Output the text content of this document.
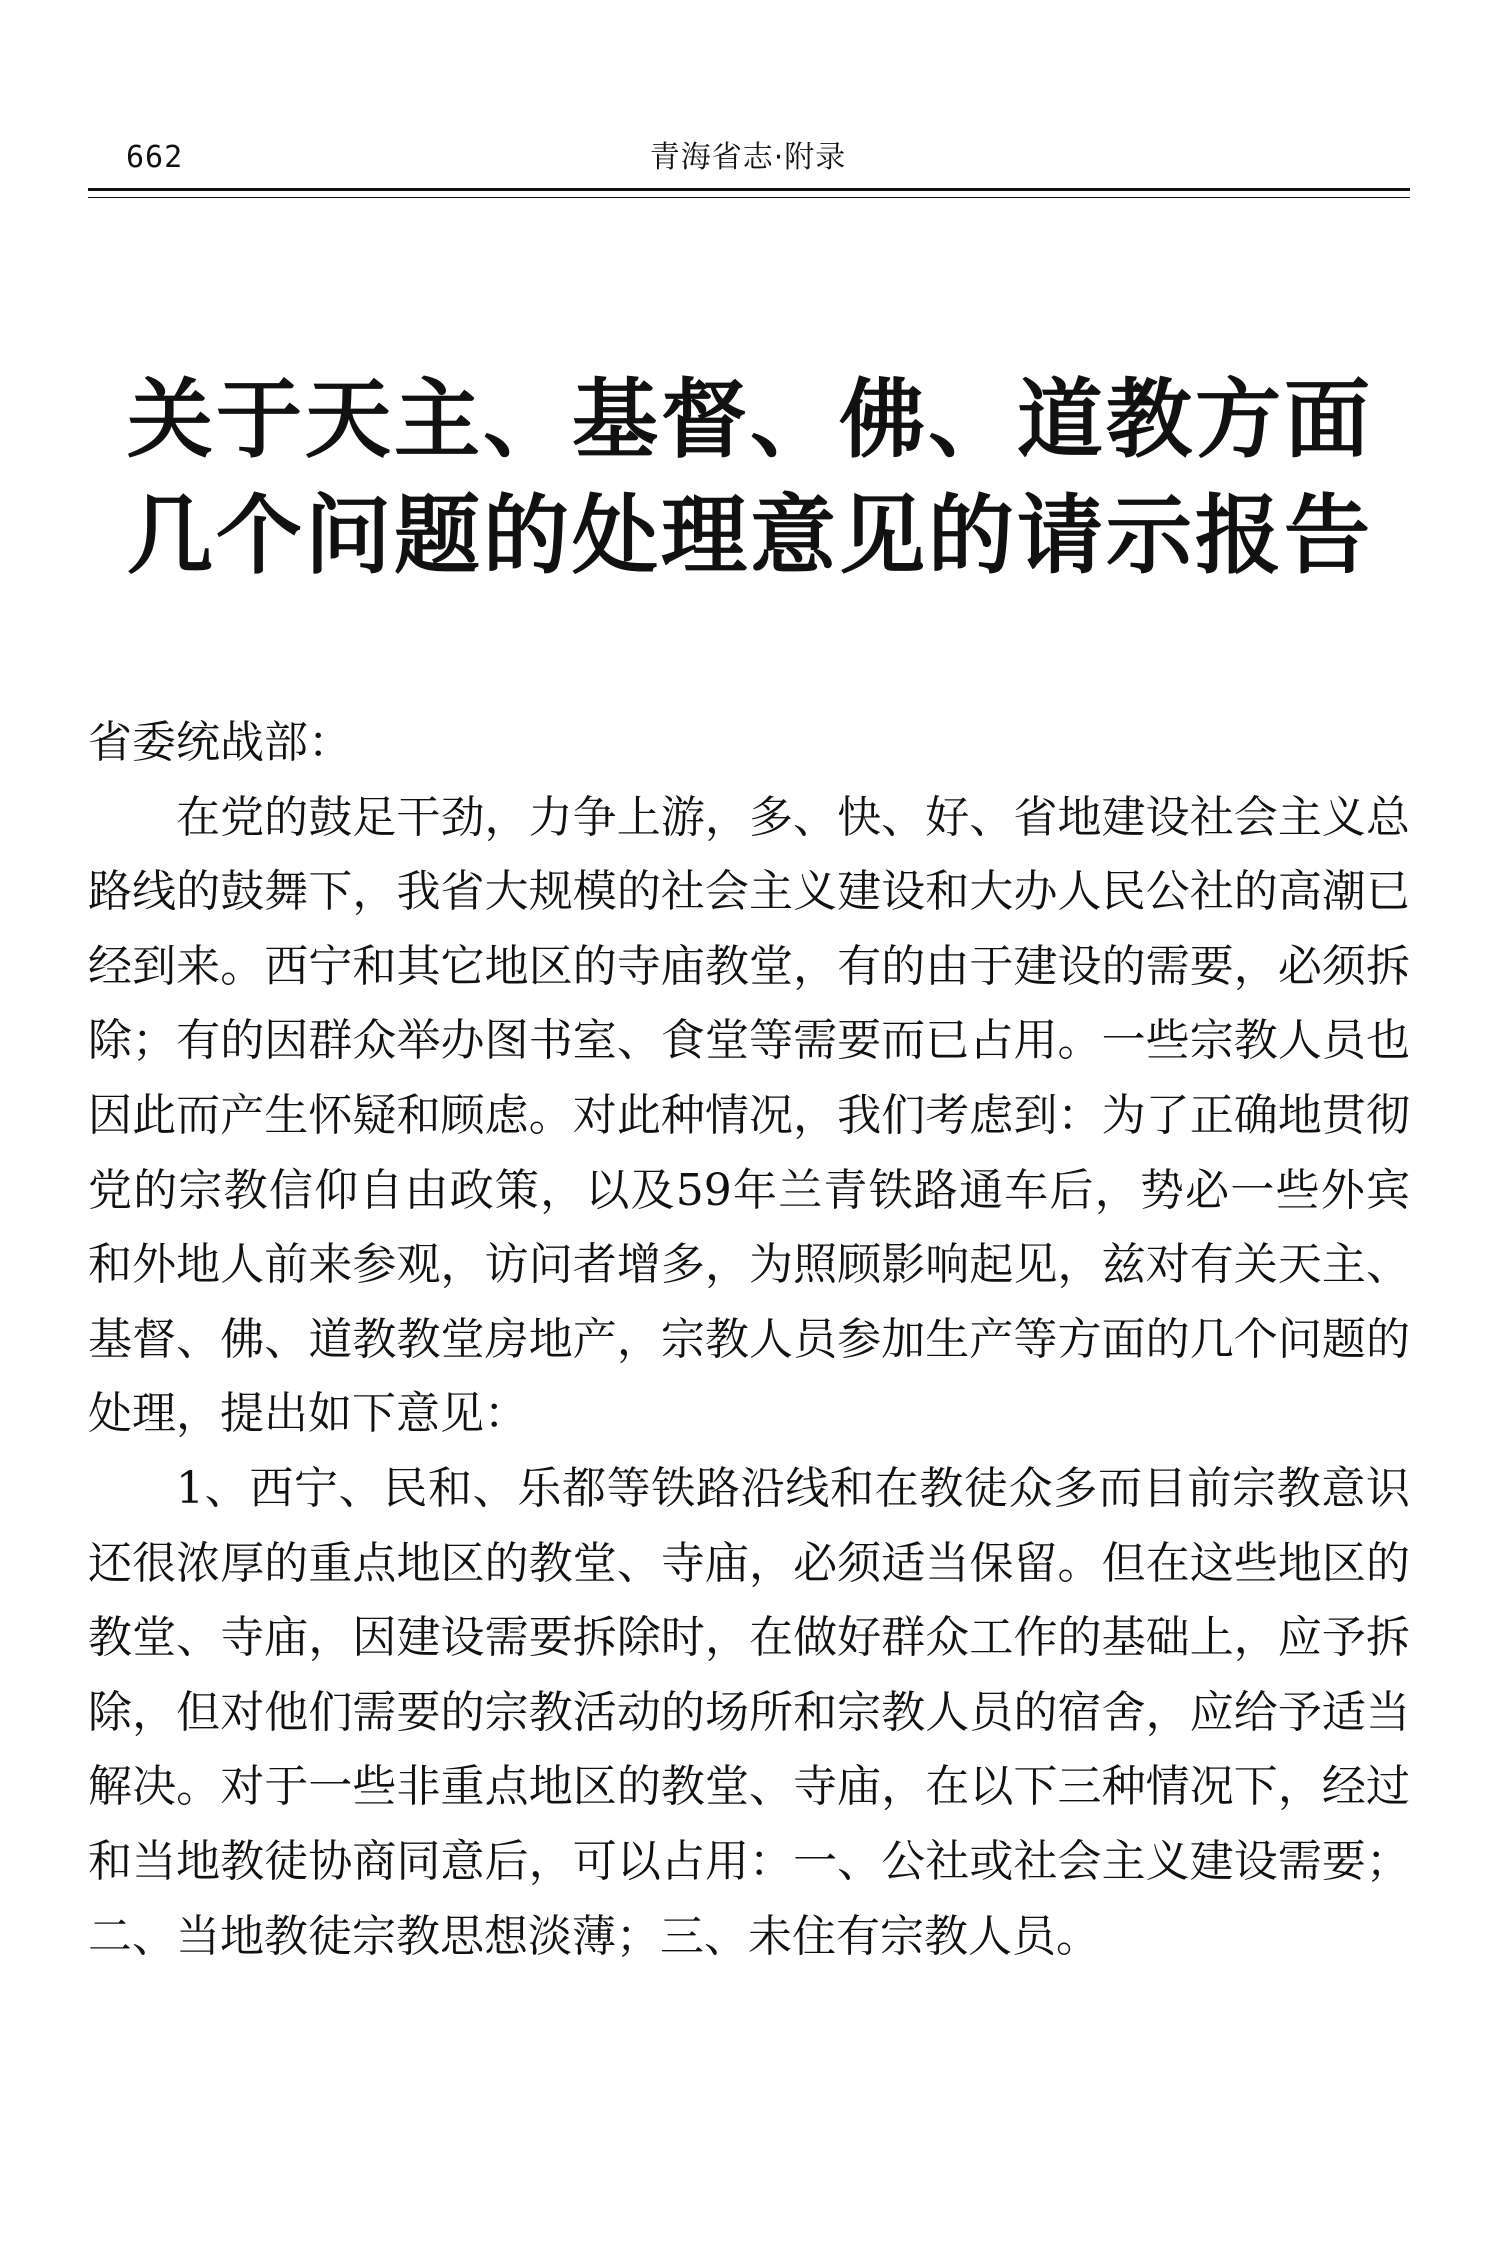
662	青海省志·附录
关于天主、基督、佛、道教方面
几个问题的处理意见的请示报告

省委统战部：

在党的鼓足干劲，力争上游，多、快、好、省地建设社会主义总路线的鼓舞下，我省大规模的社会主义建设和大办人民公社的高潮已经到来。西宁和其它地区的寺庙教堂，有的由于建设的需要，必须拆除；有的因群众举办图书室、食堂等需要而已占用。一些宗教人员也因此而产生怀疑和顾虑。对此种情况，我们考虑到：为了正确地贯彻党的宗教信仰自由政策，以及59年兰青铁路通车后，势必一些外宾和外地人前来参观，访问者增多，为照顾影响起见，兹对有关天主、基督、佛、道教教堂房地产，宗教人员参加生产等方面的几个问题的处理，提出如下意见：

1、西宁、民和、乐都等铁路沿线和在教徒众多而目前宗教意识还很浓厚的重点地区的教堂、寺庙，必须适当保留。但在这些地区的教堂、寺庙，因建设需要拆除时，在做好群众工作的基础上，应予拆除，但对他们需要的宗教活动的场所和宗教人员的宿舍，应给予适当解决。对于一些非重点地区的教堂、寺庙，在以下三种情况下，经过和当地教徒协商同意后，可以占用：一、公社或社会主义建设需要；二、当地教徒宗教思想淡薄；三、未住有宗教人员。
